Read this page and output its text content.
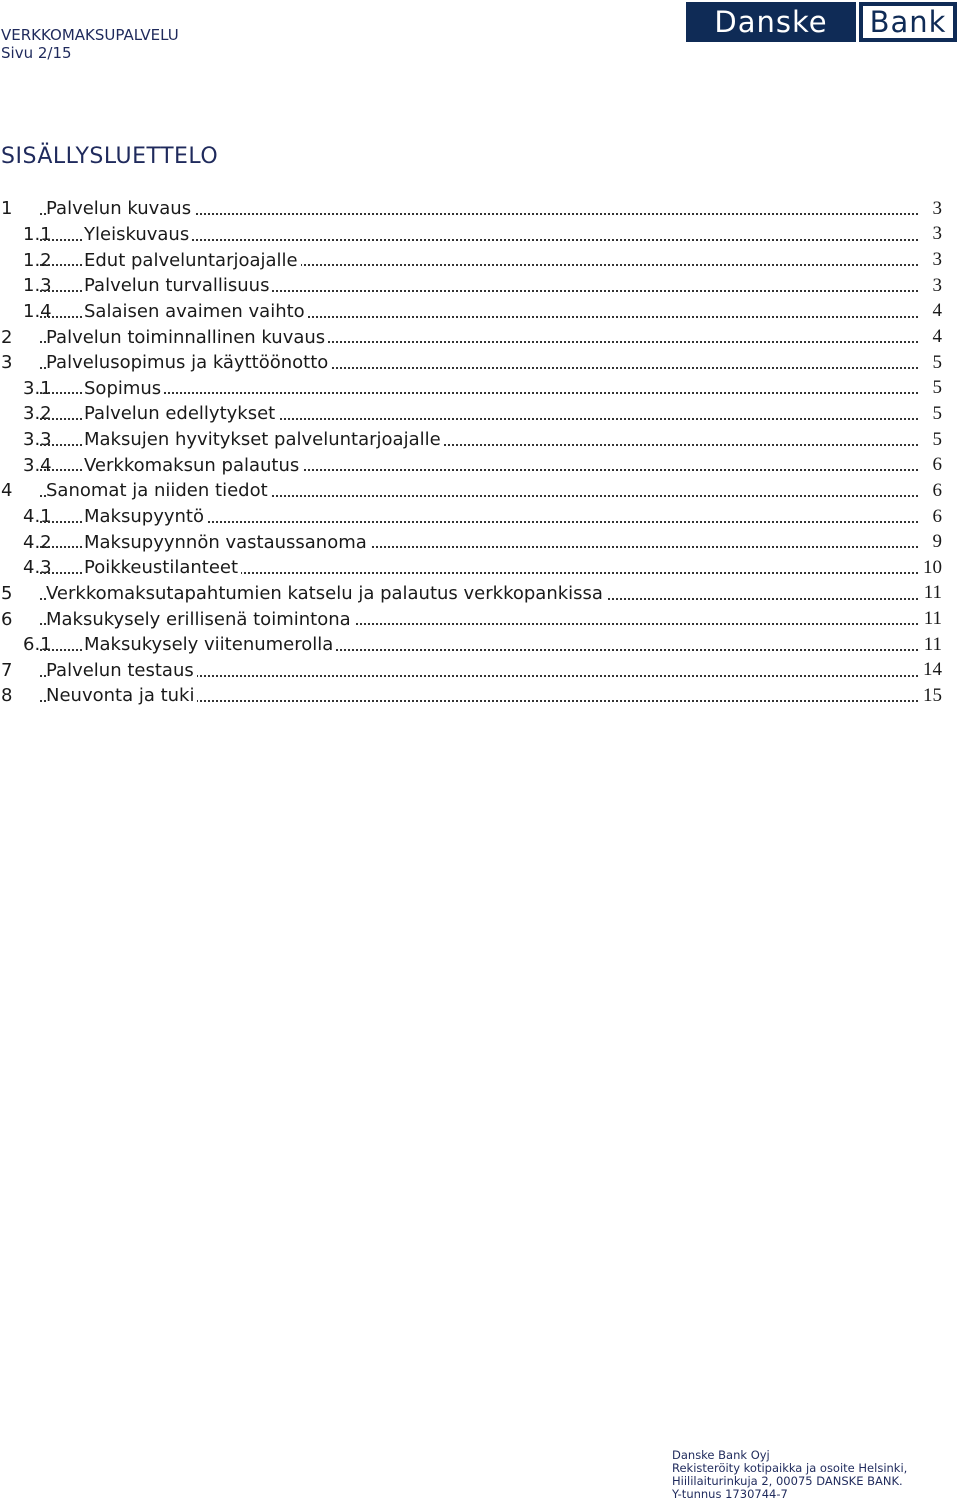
VERKKOMAKSUPALVELU
Sivu 2/15
Danske	Bank
SISÄLLYSLUETTELO
1 Palvelun kuvaus	3
1.1 Yleiskuvaus	3
1.2 Edut palveluntarjoajalle	3
1.3 Palvelun turvallisuus	3
1.4 Salaisen avaimen vaihto	4
2 Palvelun toiminnallinen kuvaus	4
3 Palvelusopimus ja käyttöönotto	5
3.1 Sopimus	5
3.2 Palvelun edellytykset	5
3.3 Maksujen hyvitykset palveluntarjoajalle	5
3.4 Verkkomaksun palautus	6
4 Sanomat ja niiden tiedot	6
4.1 Maksupyyntö	6
4.2 Maksupyynnön vastaussanoma	9
4.3 Poikkeustilanteet	10
5 Verkkomaksutapahtumien katselu ja palautus verkkopankissa	11
6 Maksukysely erillisenä toimintona	11
6.1 Maksukysely viitenumerolla	11
7 Palvelun testaus	14
8 Neuvonta ja tuki	15
Danske Bank Oyj
Rekisteröity kotipaikka ja osoite Helsinki,
Hiililaiturinkuja 2, 00075 DANSKE BANK.
Y-tunnus 1730744-7
